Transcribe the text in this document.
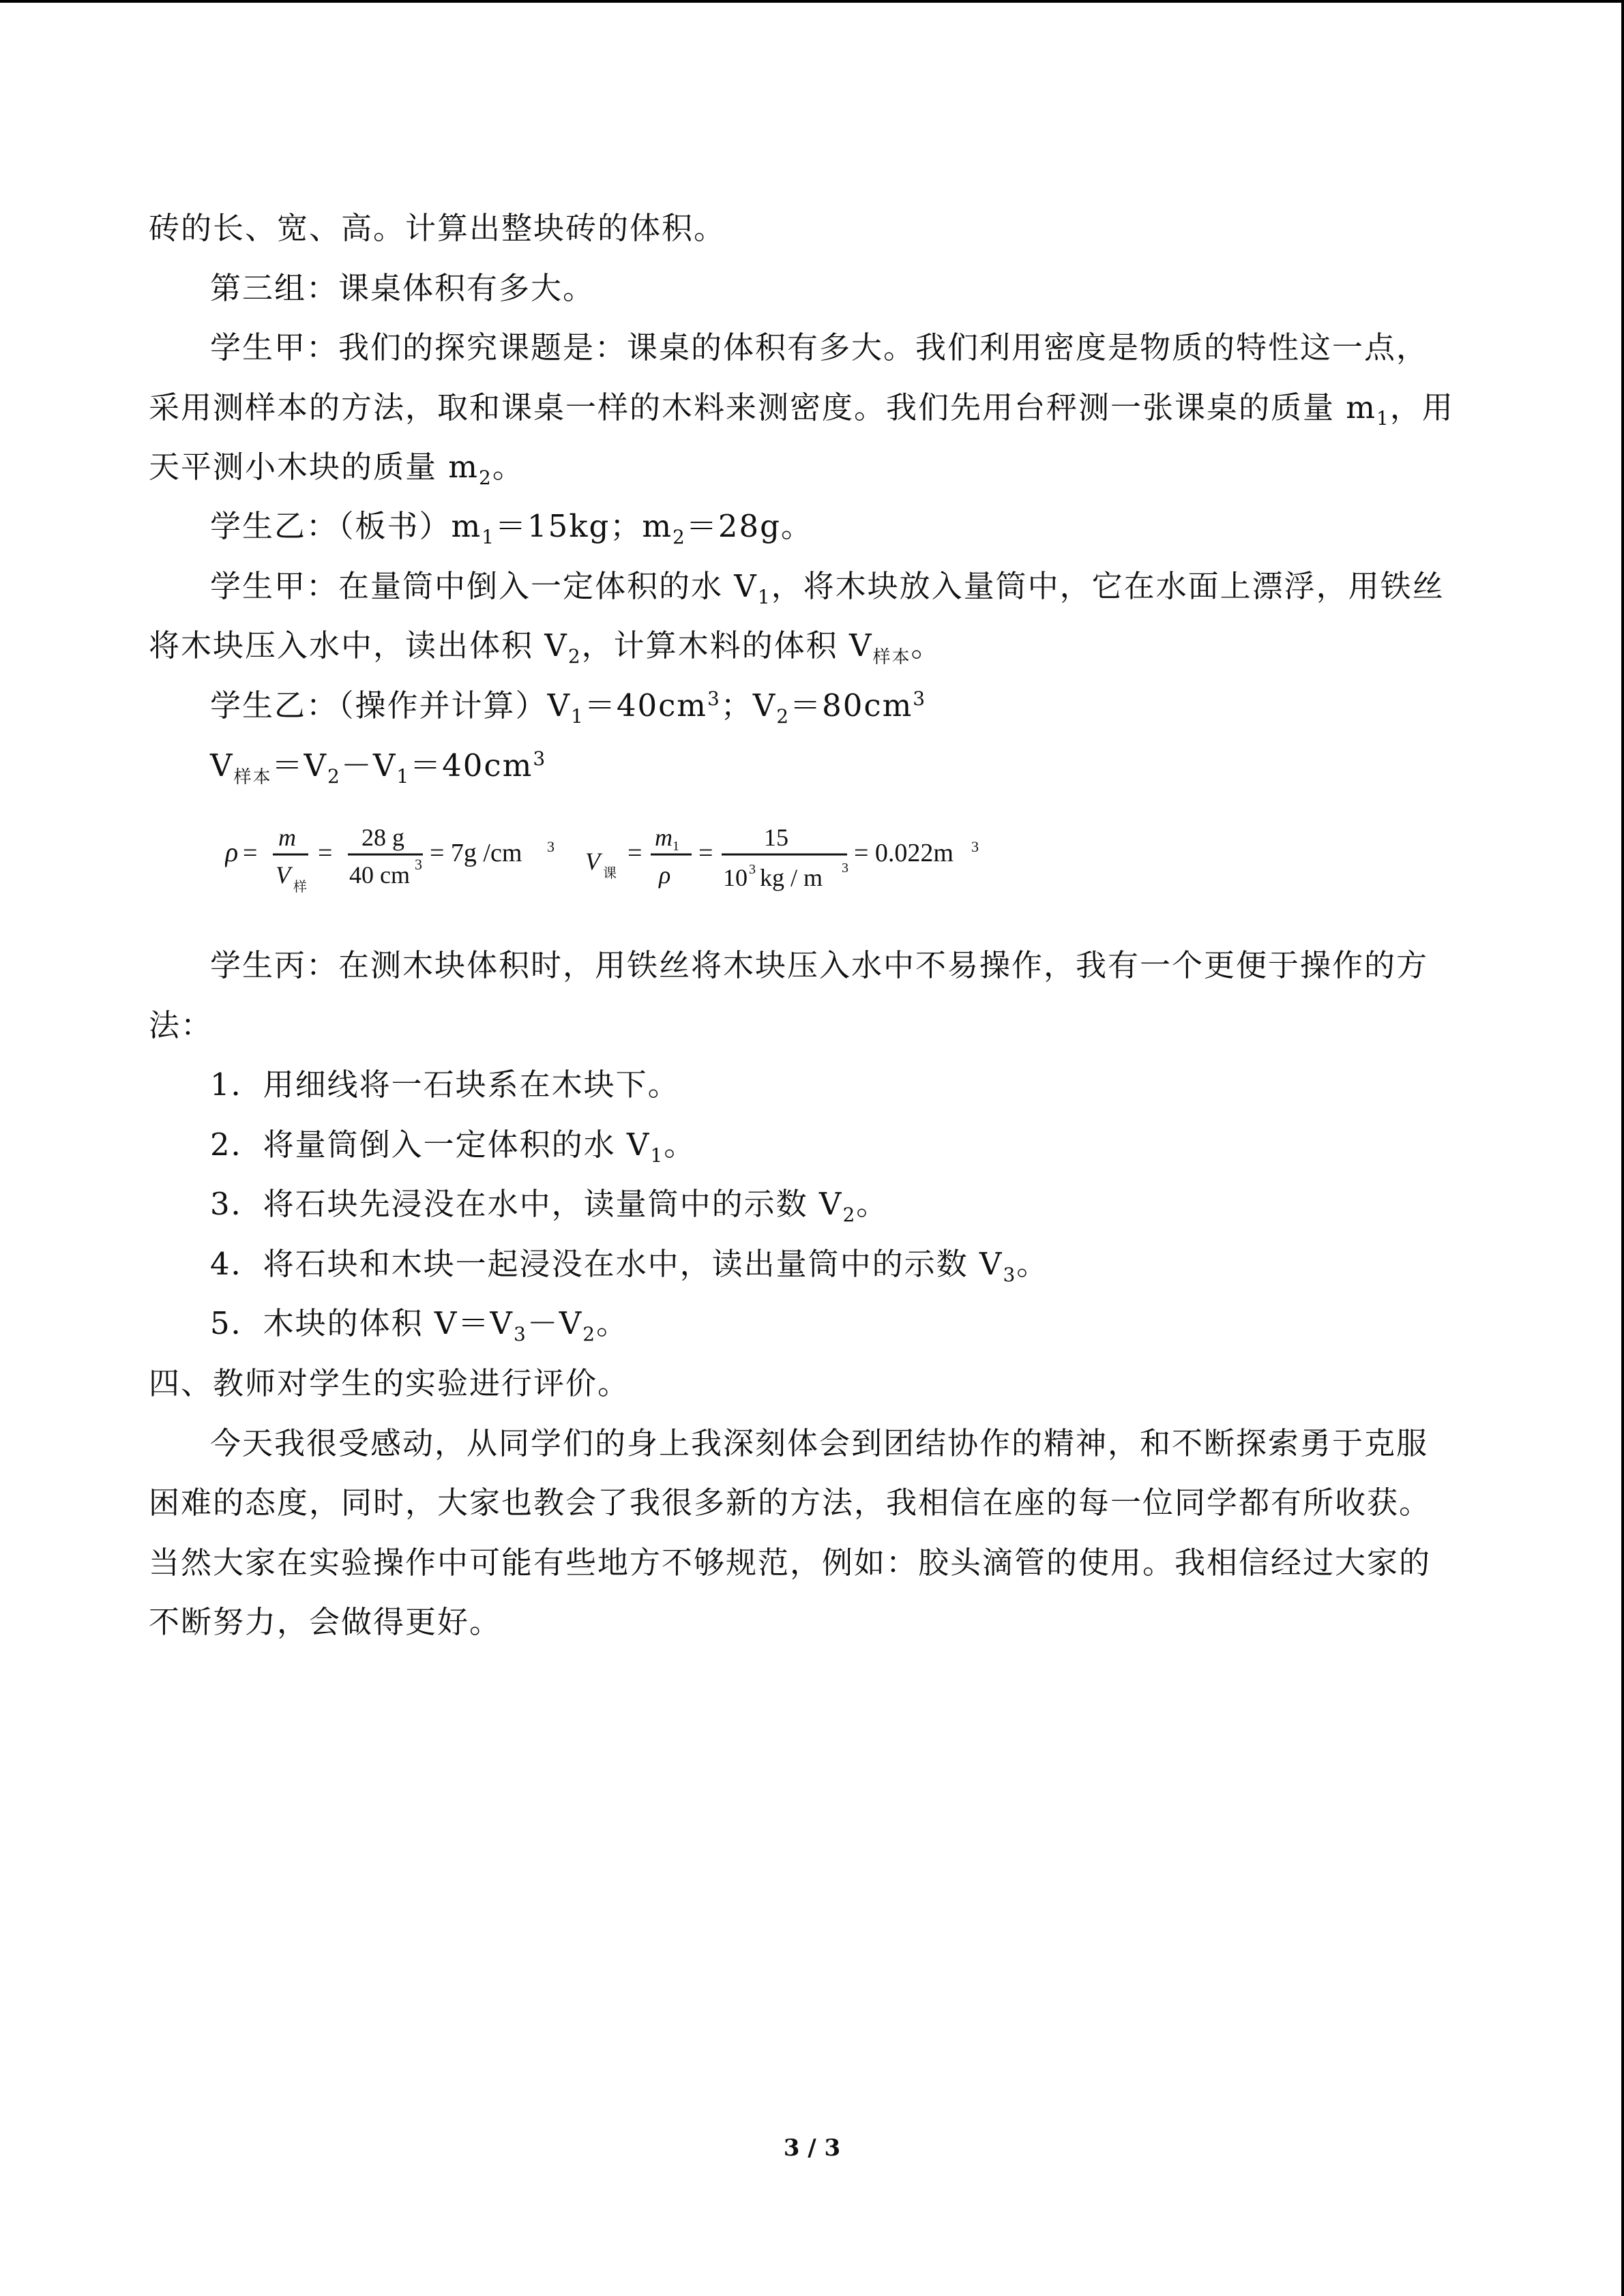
砖的长、宽、高。计算出整块砖的体积。
第三组：课桌体积有多大。
学生甲：我们的探究课题是：课桌的体积有多大。我们利用密度是物质的特性这一点，
采用测样本的方法，取和课桌一样的木料来测密度。我们先用台秤测一张课桌的质量 $m_1$，用
天平测小木块的质量 $m_2$。
学生乙：（板书）$m_1=15kg$；$m_2=28g$。
学生甲：在量筒中倒入一定体积的水 $V_1$，将木块放入量筒中，它在水面上漂浮，用铁丝
将木块压入水中，读出体积 $V_2$，计算木料的体积 $V_{样本}$。
学生乙：（操作并计算）$V_1=40cm^3$；$V_2=80cm^3$
$V_{样本}=V_2-V_1=40cm^3$
ρ =
m
V 样
=
28 g
40 cm 3 = 7g /cm 3
V 课
=
m 1
ρ
=
15
10 3 kg / m 3
= 0.022m 3
学生丙：在测木块体积时，用铁丝将木块压入水中不易操作，我有一个更便于操作的方
法：
1．用细线将一石块系在木块下。
2．将量筒倒入一定体积的水 $V_1$。
3．将石块先浸没在水中，读量筒中的示数 $V_2$。
4．将石块和木块一起浸没在水中，读出量筒中的示数 $V_3$。
5．木块的体积 $V=V_3-V_2$。
四、教师对学生的实验进行评价。
今天我很受感动，从同学们的身上我深刻体会到团结协作的精神，和不断探索勇于克服
困难的态度，同时，大家也教会了我很多新的方法，我相信在座的每一位同学都有所收获。
当然大家在实验操作中可能有些地方不够规范，例如：胶头滴管的使用。我相信经过大家的
不断努力，会做得更好。
3 / 3
